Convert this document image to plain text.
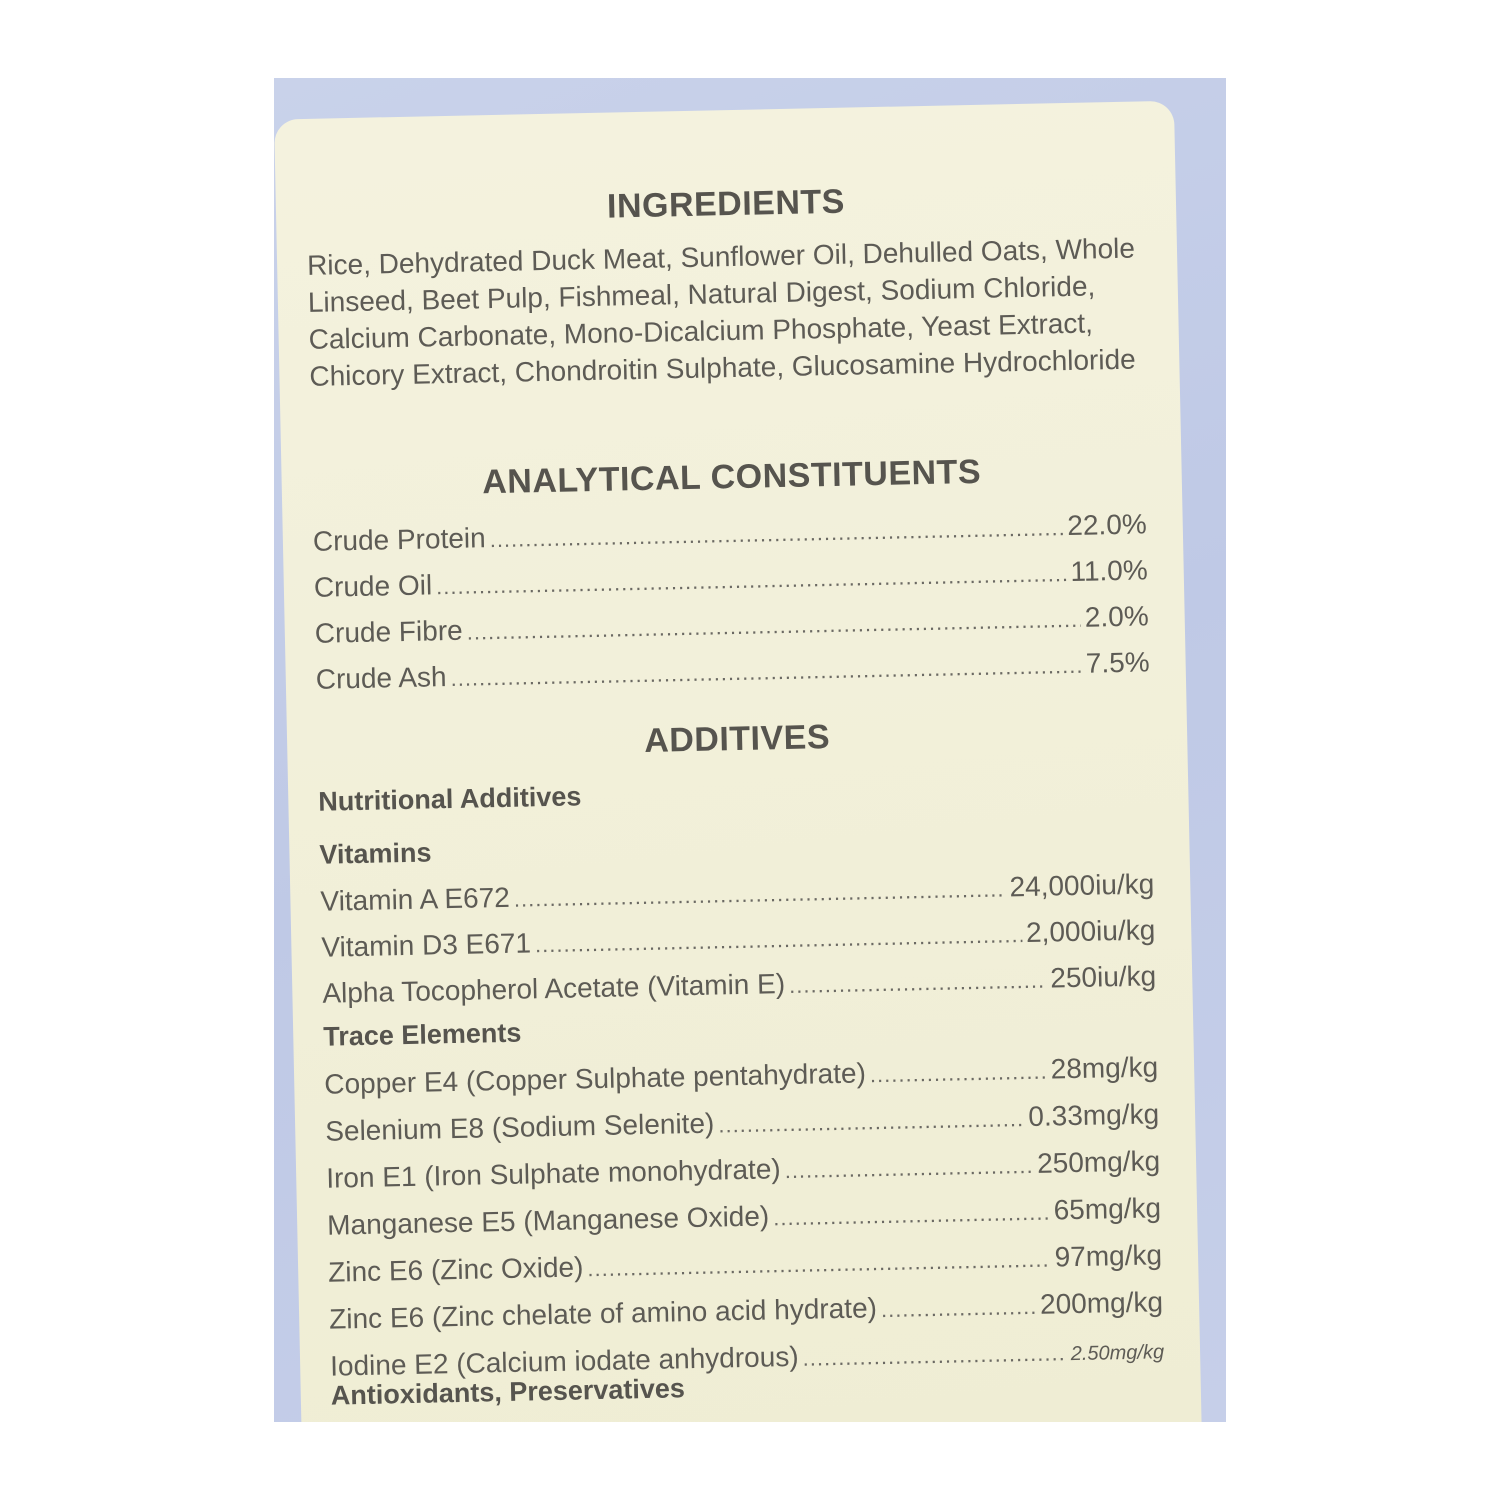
INGREDIENTS

Rice, Dehydrated Duck Meat, Sunflower Oil, Dehulled Oats, Whole Linseed, Beet Pulp, Fishmeal, Natural Digest, Sodium Chloride, Calcium Carbonate, Mono-Dicalcium Phosphate, Yeast Extract, Chicory Extract, Chondroitin Sulphate, Glucosamine Hydrochloride

ANALYTICAL CONSTITUENTS
Crude Protein .....	22.0%
Crude Oil .....	11.0%
Crude Fibre .....	2.0%
Crude Ash .....	7.5%
ADDITIVES
Nutritional Additives
Vitamins
Vitamin A E672 .....	24,000iu/kg
Vitamin D3 E671 .....	2,000iu/kg
Alpha Tocopherol Acetate (Vitamin E) .....	250iu/kg
Trace Elements
Copper E4 (Copper Sulphate pentahydrate) .....	28mg/kg
Selenium E8 (Sodium Selenite) .....	0.33mg/kg
Iron E1 (Iron Sulphate monohydrate) .....	250mg/kg
Manganese E5 (Manganese Oxide) .....	65mg/kg
Zinc E6 (Zinc Oxide) .....	97mg/kg
Zinc E6 (Zinc chelate of amino acid hydrate) .....	200mg/kg
Iodine E2 (Calcium iodate anhydrous) .....	2.50mg/kg
Antioxidants, Preservatives
